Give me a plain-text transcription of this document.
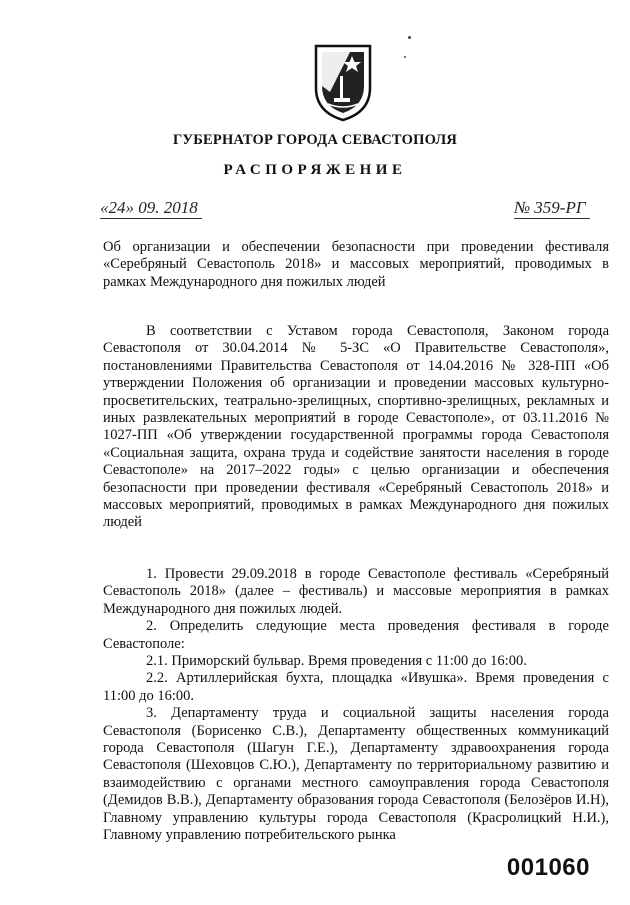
ГУБЕРНАТОР ГОРОДА СЕВАСТОПОЛЯ
РАСПОРЯЖЕНИЕ
«24» 09. 2018	№ 359-РГ

Об организации и обеспечении безопасности при проведении фестиваля «Серебряный Севастополь 2018» и массовых мероприятий, проводимых в рамках Международного дня пожилых людей

В соответствии с Уставом города Севастополя, Законом города Севастополя от 30.04.2014 № 5-ЗС «О Правительстве Севастополя», постановлениями Правительства Севастополя от 14.04.2016 № 328-ПП «Об утверждении Положения об организации и проведении массовых культурно-просветительских, театрально-зрелищных, спортивно-зрелищных, рекламных и иных развлекательных мероприятий в городе Севастополе», от 03.11.2016 № 1027-ПП «Об утверждении государственной программы города Севастополя «Социальная защита, охрана труда и содействие занятости населения в городе Севастополе» на 2017–2022 годы» с целью организации и обеспечения безопасности при проведении фестиваля «Серебряный Севастополь 2018» и массовых мероприятий, проводимых в рамках Международного дня пожилых людей

1. Провести 29.09.2018 в городе Севастополе фестиваль «Серебряный Севастополь 2018» (далее – фестиваль) и массовые мероприятия в рамках Международного дня пожилых людей.

2. Определить следующие места проведения фестиваля в городе Севастополе:

2.1. Приморский бульвар. Время проведения с 11:00 до 16:00.

2.2. Артиллерийская бухта, площадка «Ивушка». Время проведения с 11:00 до 16:00.

3. Департаменту труда и социальной защиты населения города Севастополя (Борисенко С.В.), Департаменту общественных коммуникаций города Севастополя (Шагун Г.Е.), Департаменту здравоохранения города Севастополя (Шеховцов С.Ю.), Департаменту по территориальному развитию и взаимодействию с органами местного самоуправления города Севастополя (Демидов В.В.), Департаменту образования города Севастополя (Белозёров И.Н), Главному управлению культуры города Севастополя (Красролицкий Н.И.), Главному управлению потребительского рынка

001060
